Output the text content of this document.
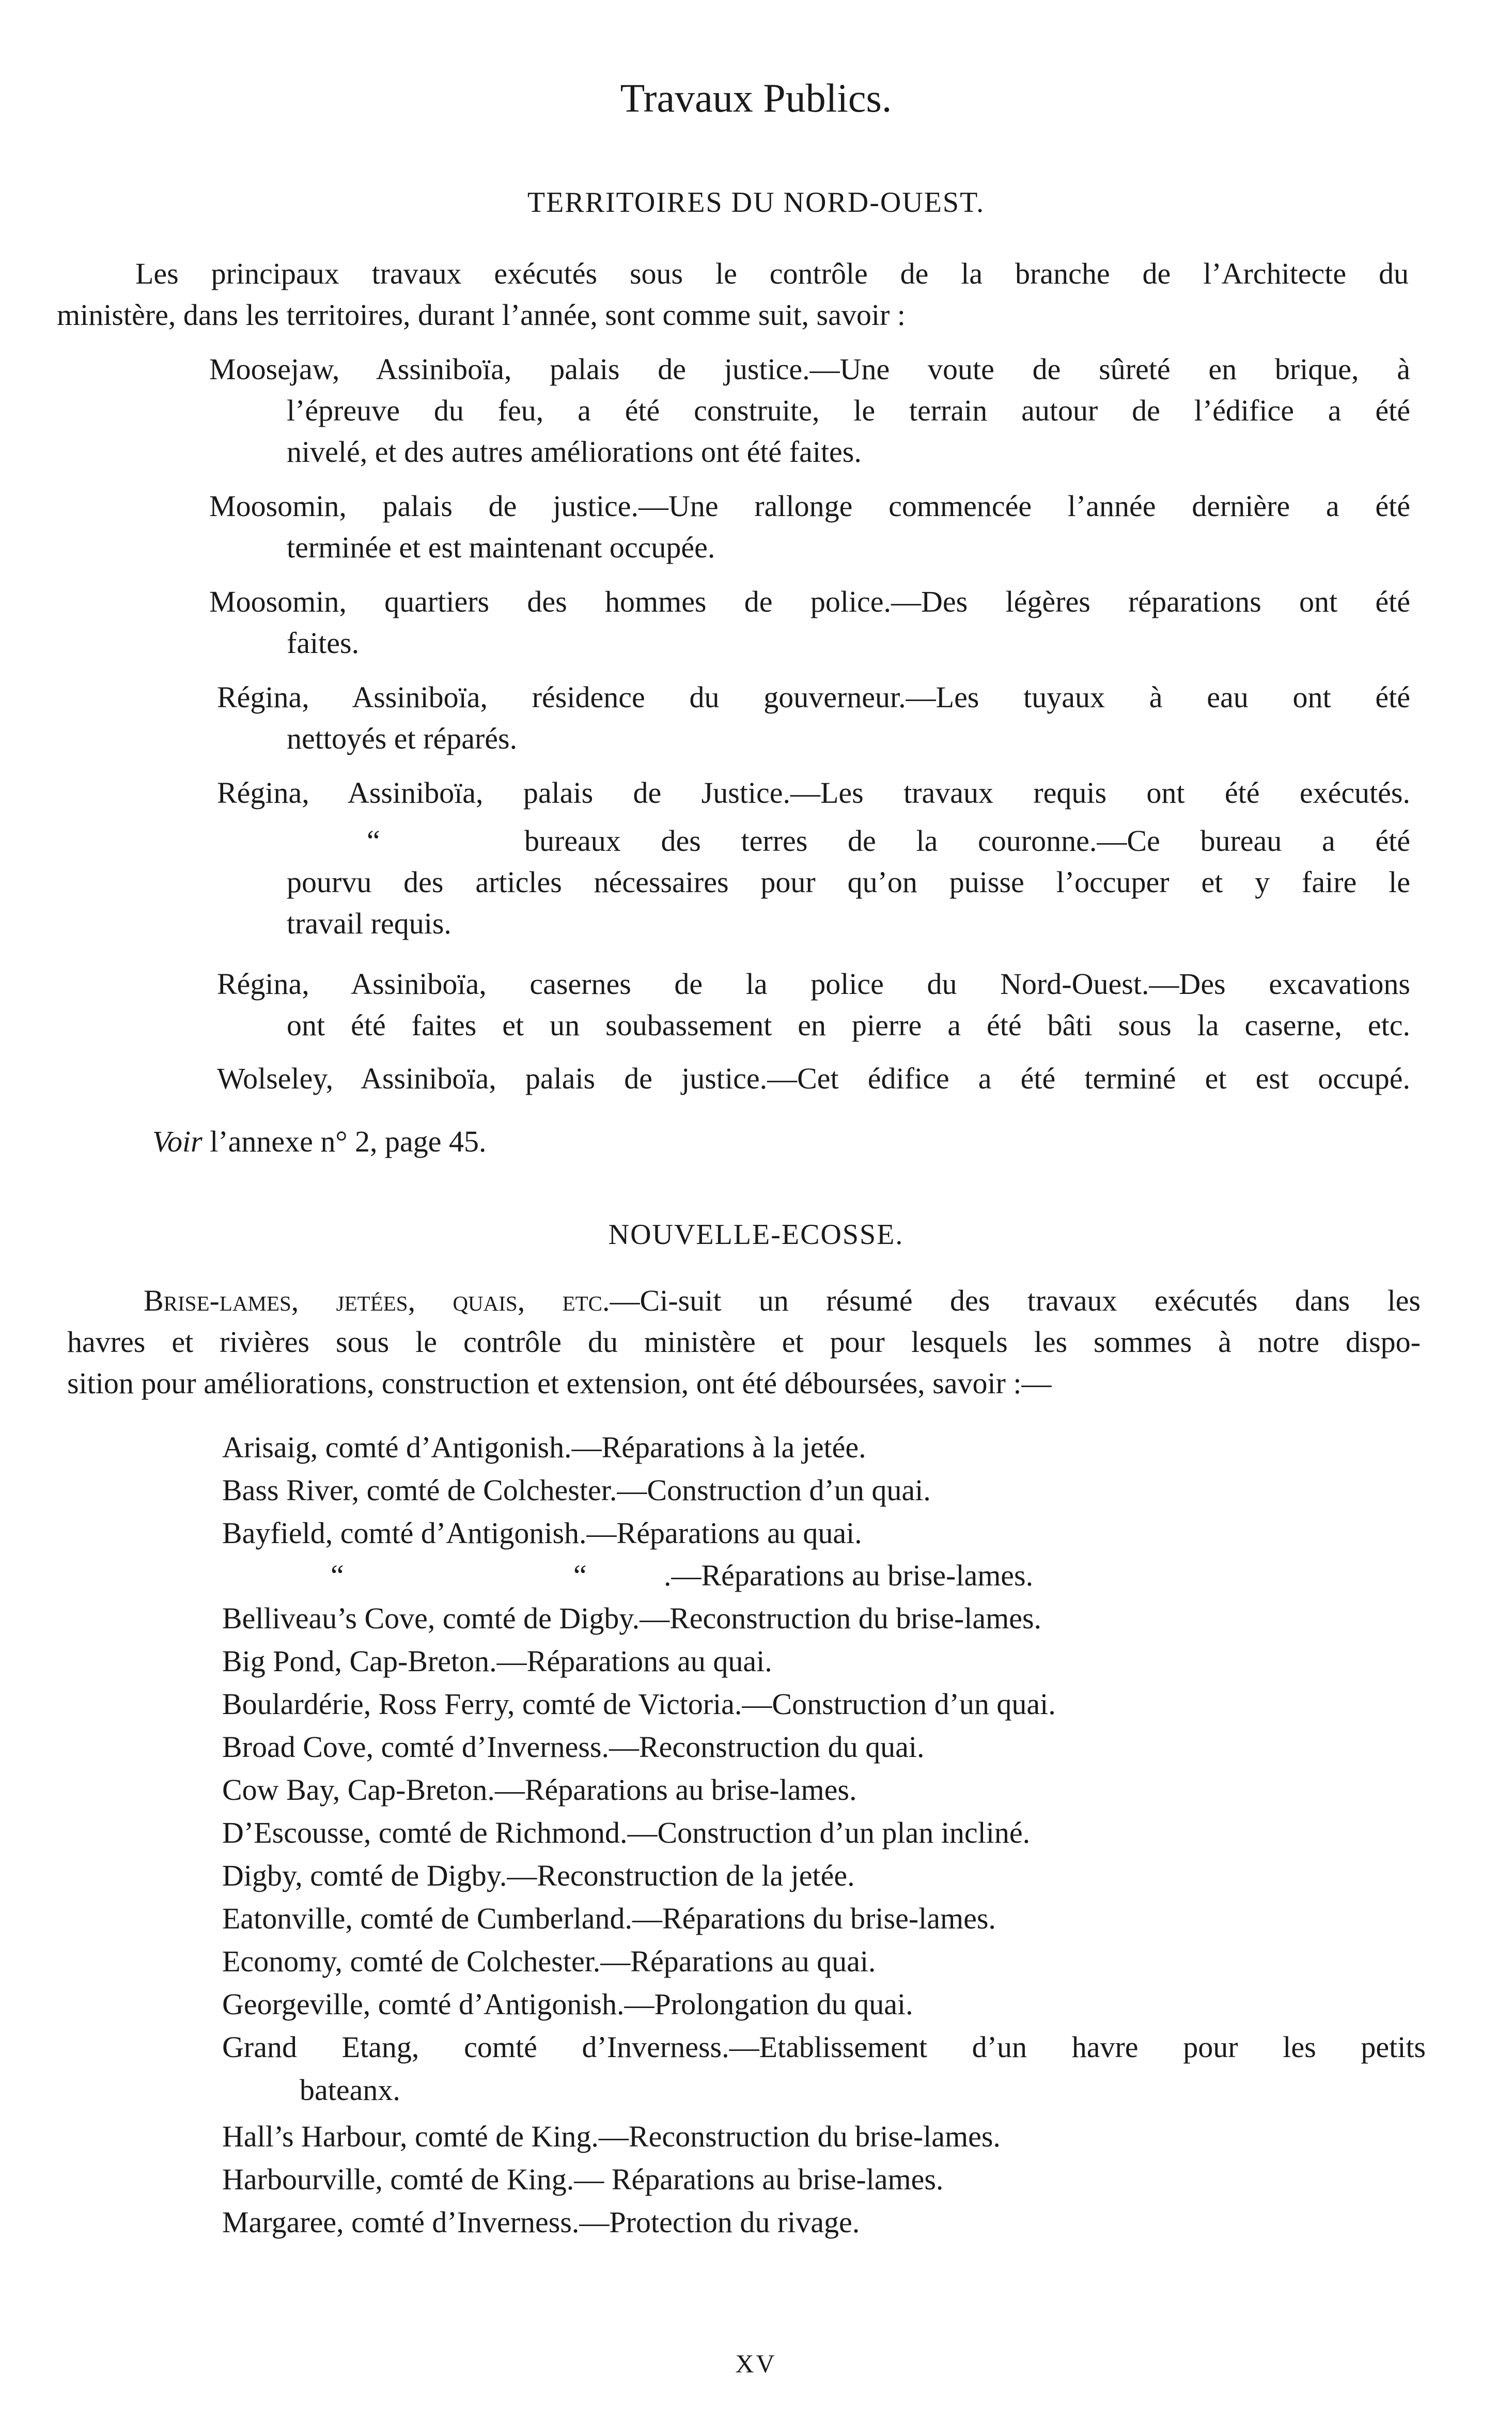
Travaux Publics.
TERRITOIRES DU NORD-OUEST.
Les principaux travaux exécutés sous le contrôle de la branche de l’Architecte du
ministère, dans les territoires, durant l’année, sont comme suit, savoir :
Moosejaw, Assiniboïa, palais de justice.—Une voute de sûreté en brique, à
l’épreuve du feu, a été construite, le terrain autour de l’édifice a été
nivelé, et des autres améliorations ont été faites.
Moosomin, palais de justice.—Une rallonge commencée l’année dernière a été
terminée et est maintenant occupée.
Moosomin, quartiers des hommes de police.—Des légères réparations ont été
faites.
Régina, Assiniboïa, résidence du gouverneur.—Les tuyaux à eau ont été
nettoyés et réparés.
Régina, Assiniboïa, palais de Justice.—Les travaux requis ont été exécutés.
“	bureaux des terres de la couronne.—Ce bureau a été
pourvu des articles nécessaires pour qu’on puisse l’occuper et y faire le
travail requis.
Régina, Assiniboïa, casernes de la police du Nord-Ouest.—Des excavations
ont été faites et un soubassement en pierre a été bâti sous la caserne, etc.
Wolseley, Assiniboïa, palais de justice.—Cet édifice a été terminé et est occupé.
Voir l’annexe n° 2, page 45.
NOUVELLE-ECOSSE.
Brise-lames, jetées, quais, etc.—Ci-suit un résumé des travaux exécutés dans les
havres et rivières sous le contrôle du ministère et pour lesquels les sommes à notre dispo-
sition pour améliorations, construction et extension, ont été déboursées, savoir :—
Arisaig, comté d’Antigonish.—Réparations à la jetée.
Bass River, comté de Colchester.—Construction d’un quai.
Bayfield, comté d’Antigonish.—Réparations au quai.
“	“	.—Réparations au brise-lames.
Belliveau’s Cove, comté de Digby.—Reconstruction du brise-lames.
Big Pond, Cap-Breton.—Réparations au quai.
Boulardérie, Ross Ferry, comté de Victoria.—Construction d’un quai.
Broad Cove, comté d’Inverness.—Reconstruction du quai.
Cow Bay, Cap-Breton.—Réparations au brise-lames.
D’Escousse, comté de Richmond.—Construction d’un plan incliné.
Digby, comté de Digby.—Reconstruction de la jetée.
Eatonville, comté de Cumberland.—Réparations du brise-lames.
Economy, comté de Colchester.—Réparations au quai.
Georgeville, comté d’Antigonish.—Prolongation du quai.
Grand Etang, comté d’Inverness.—Etablissement d’un havre pour les petits
bateanx.
Hall’s Harbour, comté de King.—Reconstruction du brise-lames.
Harbourville, comté de King.— Réparations au brise-lames.
Margaree, comté d’Inverness.—Protection du rivage.
XV
